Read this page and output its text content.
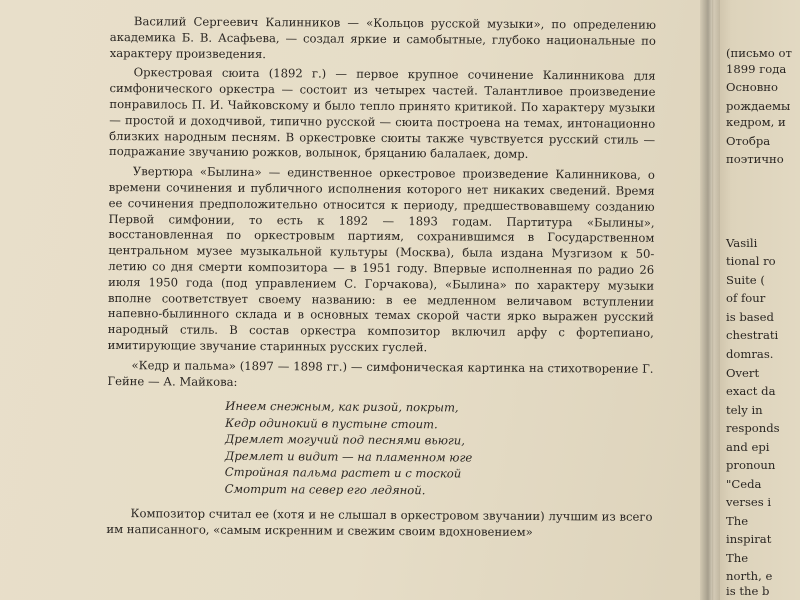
Василий Сергеевич Калинников — «Кольцов русской музыки», по определению академика Б. В. Асафьева, — создал яркие и самобытные, глубоко национальные по характеру произведения.

Оркестровая сюита (1892 г.) — первое крупное сочинение Калинникова для симфонического оркестра — состоит из четырех частей. Талантливое произведение понравилось П. И. Чайковскому и было тепло принято критикой. По характеру музыки — простой и доходчивой, типично русской — сюита построена на темах, интонационно близких народным песням. В оркестровке сюиты также чувствуется русский стиль — подражание звучанию рожков, волынок, бряцанию балалаек, домр.

Увертюра «Былина» — единственное оркестровое произведение Калинникова, о времени сочинения и публичного исполнения которого нет никаких сведений. Время ее сочинения предположительно относится к периоду, предшествовавшему созданию Первой симфонии, то есть к 1892 — 1893 годам. Партитура «Былины», восстановленная по оркестровым партиям, сохранившимся в Государственном центральном музее музыкальной культуры (Москва), была издана Музгизом к 50-летию со дня смерти композитора — в 1951 году. Впервые исполненная по радио 26 июля 1950 года (под управлением С. Горчакова), «Былина» по характеру музыки вполне соответствует своему названию: в ее медленном величавом вступлении напевно-былинного склада и в основных темах скорой части ярко выражен русский народный стиль. В состав оркестра композитор включил арфу с фортепиано, имитирующие звучание старинных русских гуслей.

«Кедр и пальма» (1897 — 1898 гг.) — симфоническая картинка на стихотворение Г. Гейне — А. Майкова:

Инеем снежным, как ризой, покрыт,
Кедр одинокий в пустыне стоит.
Дремлет могучий под песнями вьюги,
Дремлет и видит — на пламенном юге
Стройная пальма растет и с тоской
Смотрит на север его ледяной.

Композитор считал ее (хотя и не слышал в оркестровом звучании) лучшим из всего им написанного, «самым искренним и свежим своим вдохновением»

(письмо от
1899 года
Основно
рождаемы
кедром, и
Отобра
поэтично
Vasili
tional ro
Suite (
of four
is based
chestrati
domras.
Overt
exact da
tely in
responds
and epi
pronoun
"Ceda
verses i
The
inspirat
The
north, e
is the b
